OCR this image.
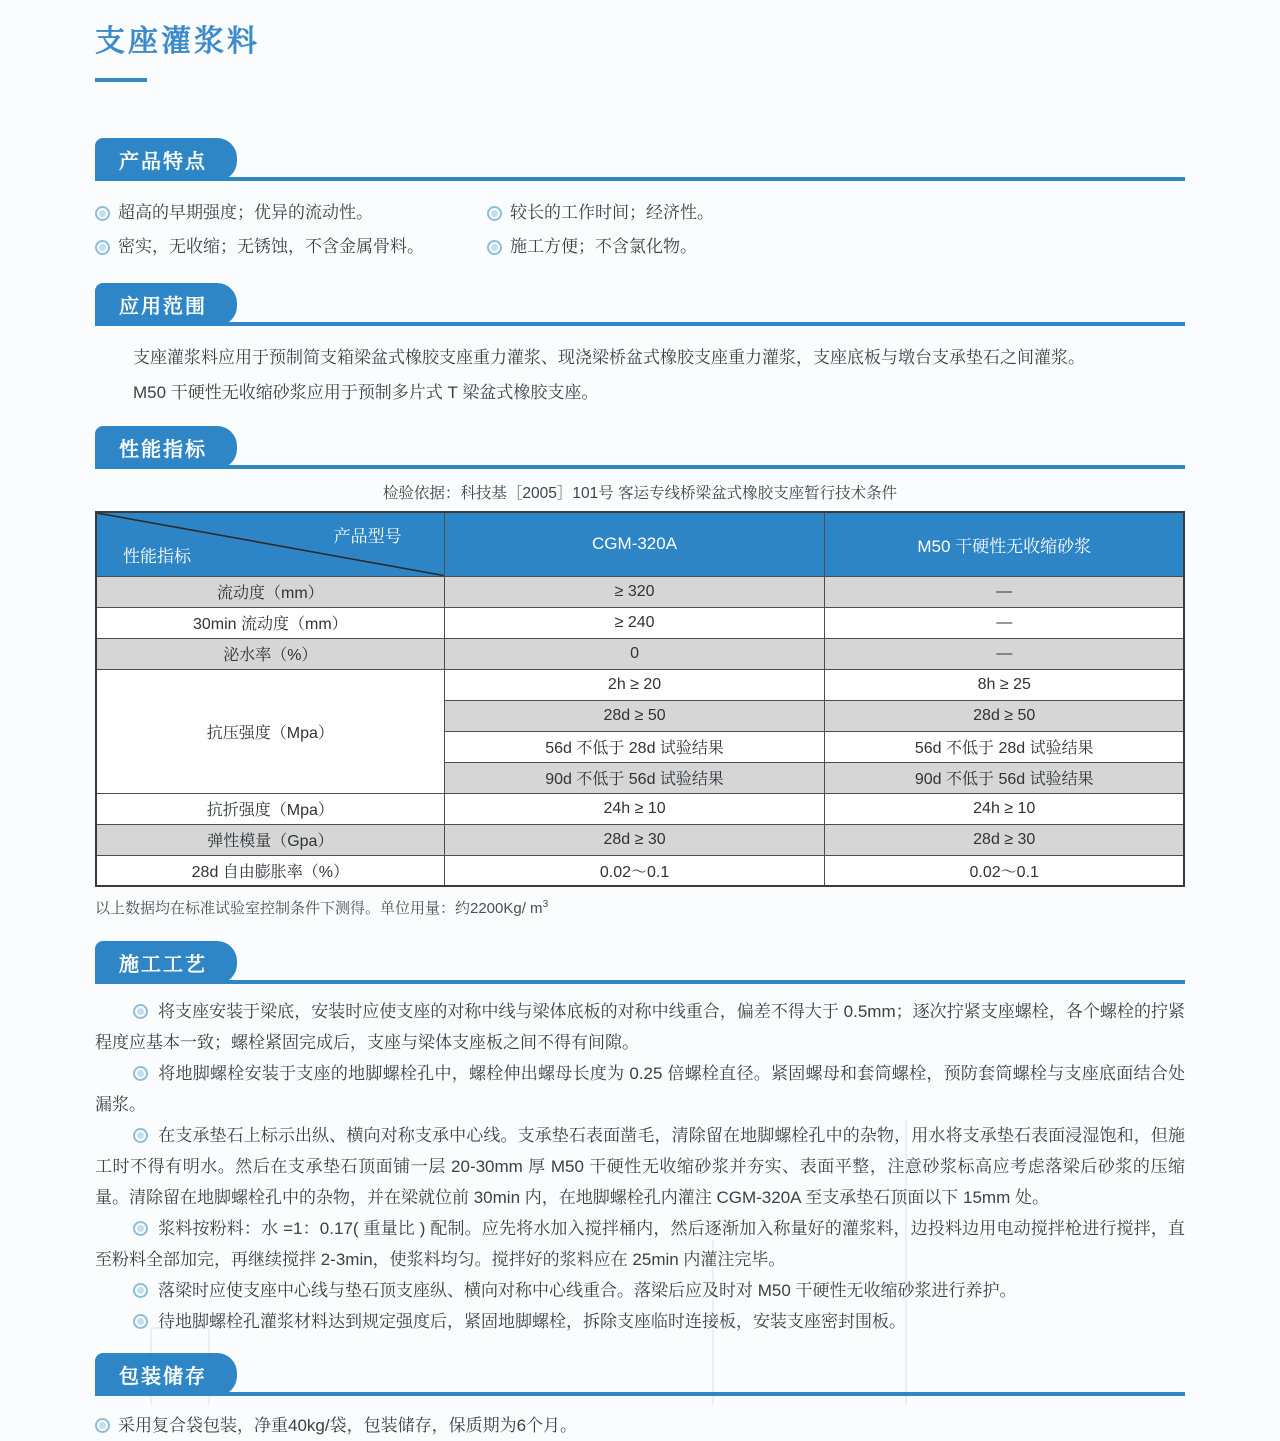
支座灌浆料
产品特点
超高的早期强度；优异的流动性。	较长的工作时间；经济性。
密实，无收缩；无锈蚀，不含金属骨料。	施工方便；不含氯化物。
应用范围
支座灌浆料应用于预制简支箱梁盆式橡胶支座重力灌浆、现浇梁桥盆式橡胶支座重力灌浆，支座底板与墩台支承垫石之间灌浆。
M50 干硬性无收缩砂浆应用于预制多片式 T 梁盆式橡胶支座。
性能指标
检验依据：科技基［2005］101号 客运专线桥梁盆式橡胶支座暂行技术条件
产品型号
性能指标	CGM-320A	M50 干硬性无收缩砂浆
流动度（mm）	≥ 320	—
30min 流动度（mm）	≥ 240	—
泌水率（%）	0	—
抗压强度（Mpa）	2h ≥ 20	8h ≥ 25
	28d ≥ 50	28d ≥ 50
	56d 不低于 28d 试验结果	56d 不低于 28d 试验结果
	90d 不低于 56d 试验结果	90d 不低于 56d 试验结果
抗折强度（Mpa）	24h ≥ 10	24h ≥ 10
弹性模量（Gpa）	28d ≥ 30	28d ≥ 30
28d 自由膨胀率（%）	0.02～0.1	0.02～0.1
以上数据均在标准试验室控制条件下测得。单位用量：约2200Kg/ $m^3$
施工工艺

将支座安装于梁底，安装时应使支座的对称中线与梁体底板的对称中线重合，偏差不得大于 0.5mm；逐次拧紧支座螺栓，各个螺栓的拧紧程度应基本一致；螺栓紧固完成后，支座与梁体支座板之间不得有间隙。

将地脚螺栓安装于支座的地脚螺栓孔中，螺栓伸出螺母长度为 0.25 倍螺栓直径。紧固螺母和套筒螺栓，预防套筒螺栓与支座底面结合处漏浆。

在支承垫石上标示出纵、横向对称支承中心线。支承垫石表面凿毛，清除留在地脚螺栓孔中的杂物，用水将支承垫石表面浸湿饱和，但施工时不得有明水。然后在支承垫石顶面铺一层 20-30mm 厚 M50 干硬性无收缩砂浆并夯实、表面平整，注意砂浆标高应考虑落梁后砂浆的压缩量。清除留在地脚螺栓孔中的杂物，并在梁就位前 30min 内，在地脚螺栓孔内灌注 CGM-320A 至支承垫石顶面以下 15mm 处。

浆料按粉料：水 =1：0.17( 重量比 ) 配制。应先将水加入搅拌桶内，然后逐渐加入称量好的灌浆料，边投料边用电动搅拌枪进行搅拌，直至粉料全部加完，再继续搅拌 2-3min，使浆料均匀。搅拌好的浆料应在 25min 内灌注完毕。

落梁时应使支座中心线与垫石顶支座纵、横向对称中心线重合。落梁后应及时对 M50 干硬性无收缩砂浆进行养护。

待地脚螺栓孔灌浆材料达到规定强度后，紧固地脚螺栓，拆除支座临时连接板，安装支座密封围板。

包装储存
采用复合袋包装，净重40kg/袋，包装储存，保质期为6个月。
